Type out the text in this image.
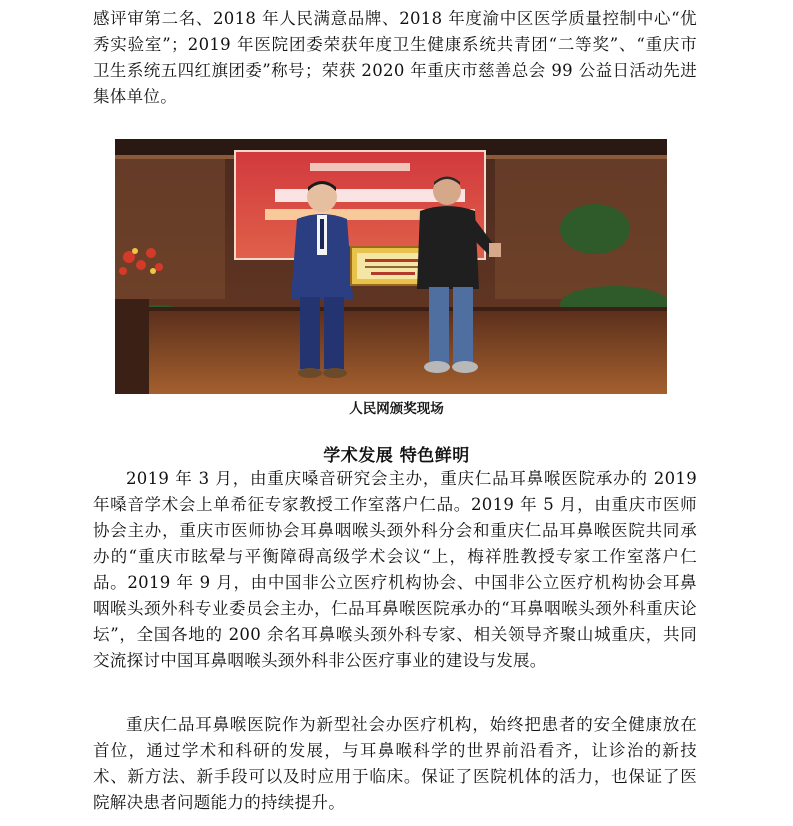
感评审第二名、2018 年人民满意品牌、2018 年度渝中区医学质量控制中心“优秀实验室”；2019 年医院团委荣获年度卫生健康系统共青团“二等奖”、“重庆市卫生系统五四红旗团委”称号；荣获 2020 年重庆市慈善总会 99 公益日活动先进集体单位。

人民网颁奖现场
学术发展 特色鲜明

2019 年 3 月，由重庆嗓音研究会主办，重庆仁品耳鼻喉医院承办的 2019 年嗓音学术会上单希征专家教授工作室落户仁品。2019 年 5 月，由重庆市医师协会主办，重庆市医师协会耳鼻咽喉头颈外科分会和重庆仁品耳鼻喉医院共同承办的“重庆市眩晕与平衡障碍高级学术会议“上，梅祥胜教授专家工作室落户仁品。2019 年 9 月，由中国非公立医疗机构协会、中国非公立医疗机构协会耳鼻咽喉头颈外科专业委员会主办，仁品耳鼻喉医院承办的“耳鼻咽喉头颈外科重庆论坛”，全国各地的 200 余名耳鼻喉头颈外科专家、相关领导齐聚山城重庆，共同交流探讨中国耳鼻咽喉头颈外科非公医疗事业的建设与发展。

重庆仁品耳鼻喉医院作为新型社会办医疗机构，始终把患者的安全健康放在首位，通过学术和科研的发展，与耳鼻喉科学的世界前沿看齐，让诊治的新技术、新方法、新手段可以及时应用于临床。保证了医院机体的活力，也保证了医院解决患者问题能力的持续提升。
